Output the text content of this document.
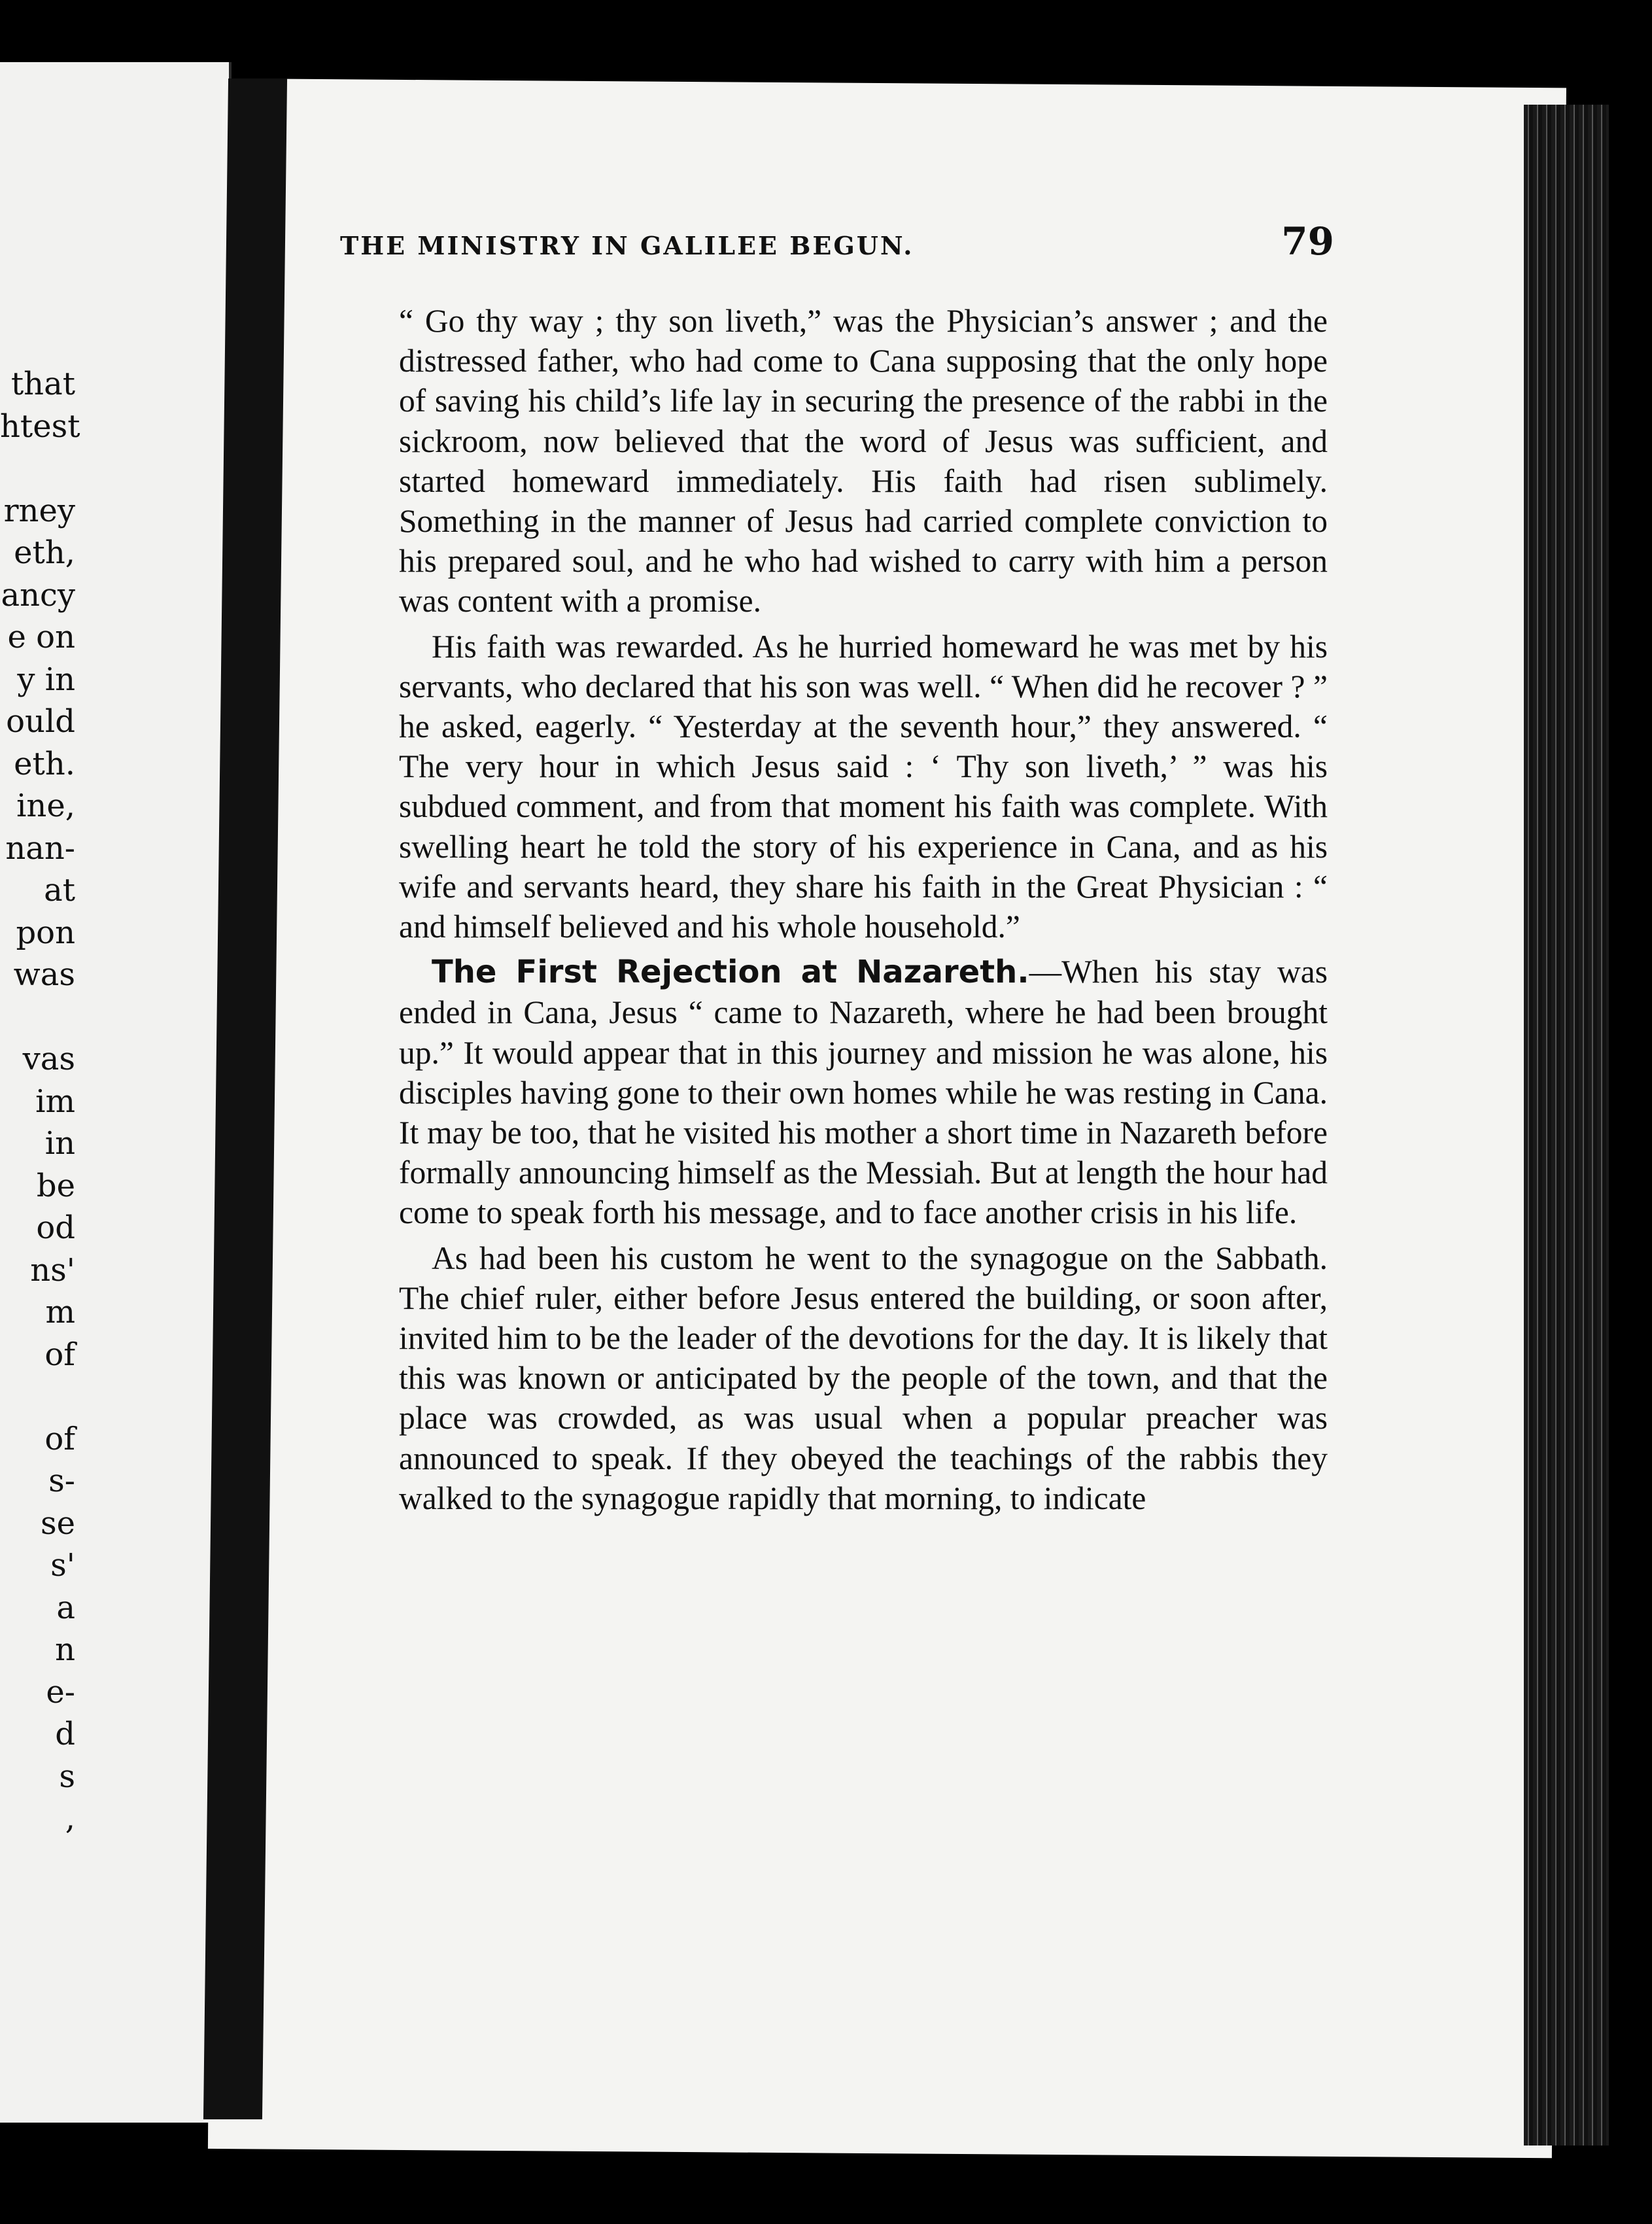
that
htest

rney
eth,
ancy
e on
y in
ould
eth.
ine,
nan-
at
pon
was

vas
im
in
be
od
ns'
m
of

of
s-
se
s'
a
n
e-
d
s
,
THE MINISTRY IN GALILEE BEGUN.	79

“ Go thy way ; thy son liveth,” was the Physician’s answer ; and the distressed father, who had come to Cana supposing that the only hope of saving his child’s life lay in securing the presence of the rabbi in the sickroom, now believed that the word of Jesus was sufficient, and started homeward immediately. His faith had risen sublimely. Something in the manner of Jesus had carried complete conviction to his prepared soul, and he who had wished to carry with him a person was content with a promise.

His faith was rewarded. As he hurried homeward he was met by his servants, who declared that his son was well. “ When did he recover ? ” he asked, eagerly. “ Yesterday at the seventh hour,” they answered. “ The very hour in which Jesus said : ‘ Thy son liveth,’ ” was his subdued comment, and from that moment his faith was complete. With swelling heart he told the story of his experience in Cana, and as his wife and servants heard, they share his faith in the Great Physician : “ and himself believed and his whole household.”

The First Rejection at Nazareth.—When his stay was ended in Cana, Jesus “ came to Nazareth, where he had been brought up.” It would appear that in this journey and mission he was alone, his disciples having gone to their own homes while he was resting in Cana. It may be too, that he visited his mother a short time in Nazareth before formally announcing himself as the Messiah. But at length the hour had come to speak forth his message, and to face another crisis in his life.

As had been his custom he went to the synagogue on the Sabbath. The chief ruler, either before Jesus entered the building, or soon after, invited him to be the leader of the devotions for the day. It is likely that this was known or anticipated by the people of the town, and that the place was crowded, as was usual when a popular preacher was announced to speak. If they obeyed the teachings of the rabbis they walked to the synagogue rapidly that morning, to indicate
